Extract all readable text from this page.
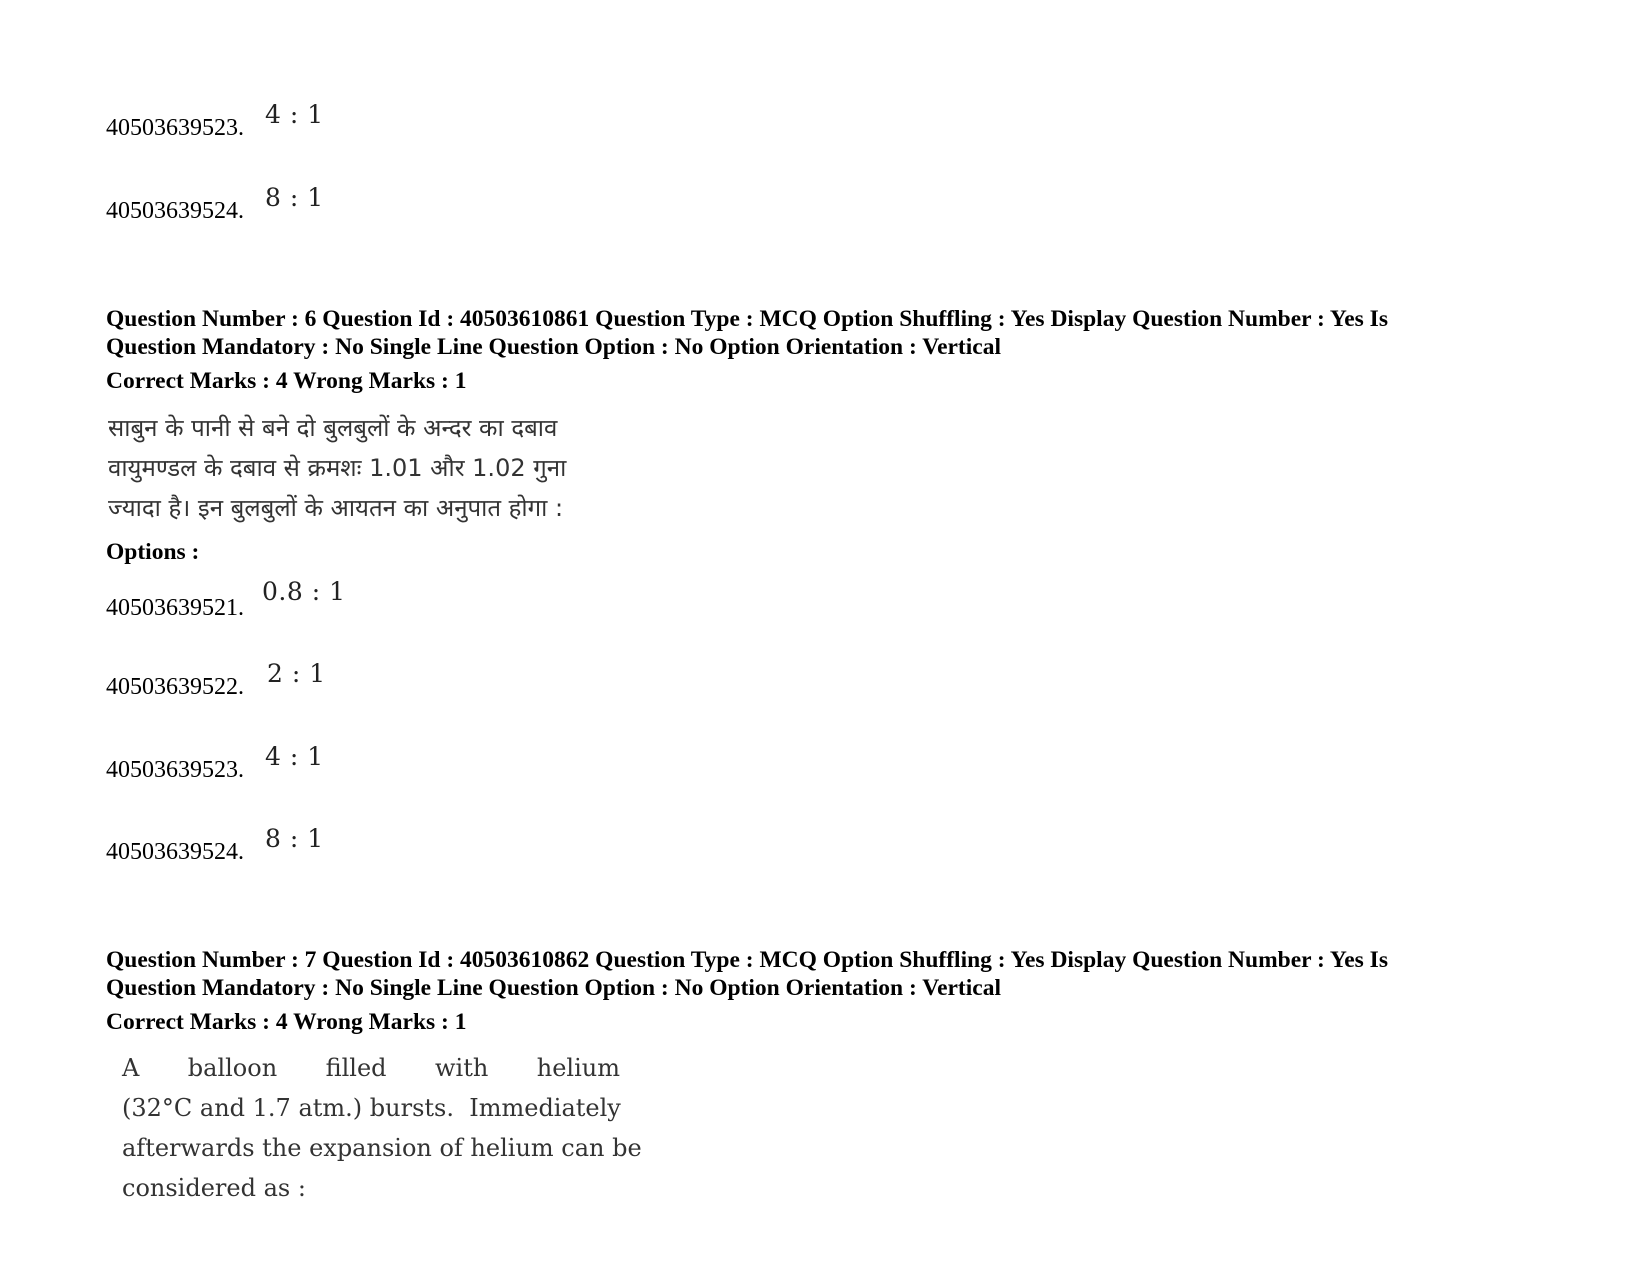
40503639523. 4 : 1
40503639524. 8 : 1
Question Number : 6 Question Id : 40503610861 Question Type : MCQ Option Shuffling : Yes Display Question Number : Yes Is
Question Mandatory : No Single Line Question Option : No Option Orientation : Vertical
Correct Marks : 4 Wrong Marks : 1
साबुन के पानी से बने दो बुलबुलों के अन्दर का दबाव
वायुमण्डल के दबाव से क्रमशः 1.01 और 1.02 गुना
ज्यादा है। इन बुलबुलों के आयतन का अनुपात होगा :
Options :
40503639521.
0.8 : 1
40503639522. 2 : 1
40503639523. 4 : 1
40503639524. 8 : 1
Question Number : 7 Question Id : 40503610862 Question Type : MCQ Option Shuffling : Yes Display Question Number : Yes Is
Question Mandatory : No Single Line Question Option : No Option Orientation : Vertical
Correct Marks : 4 Wrong Marks : 1
A balloon filled with helium
(32°C and 1.7 atm.) bursts.  Immediately
afterwards the expansion of helium can be
considered as :
